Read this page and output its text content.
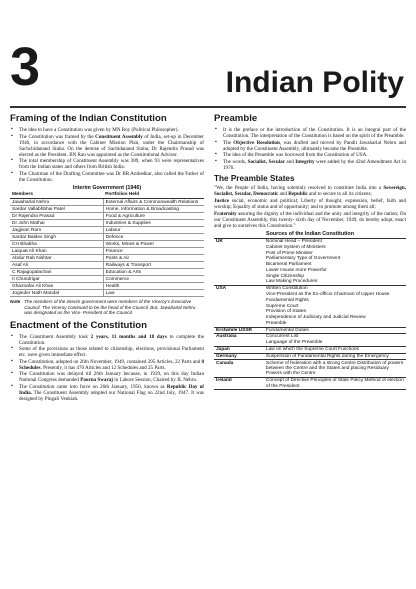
3	Indian Polity
Framing of the Indian Constitution
▪ The idea to have a Constitution was given by MN Roy (Political Philosopher).
▪ The Constitution was framed by the Constituent Assembly of India, set-up in December 1946, in accordance with the Cabinet Mission Plan, under the Chairmanship of Sachchidanand Sinha. On the demise of Sachidanand Sinha, Dr Rajendra Prasad was elected as the President. BN Rau was appointed as the Constitutional Advisor.
▪ The total membership of Constituent Assembly was 389, when 93 were representatives from the Indian states and others from British India.
▪ The Chairman of the Drafting Committee was Dr BR Ambedkar, also called the Father of the Constitution.
Interim Government (1946)
Members	Portfolios Held
Jawaharlal Nehru	External Affairs & Commonwealth Relations
Sardar Vallabhbhai Patel	Home, Information & Broadcasting
Dr Rajendra Prasad	Food & Agriculture
Dr John Mathai	Industries & Supplies
Jagjivan Ram	Labour
Sardar Baldev Singh	Defence
CH Bhabha	Works, Mines & Power
Laiquat Ali Khan	Finance
Abdur Rab Nishtar	Posts & Air
Asaf Ali	Railways & Transport
C Rajagopalachari	Education & Arts
II Chundrigar	Commerce
Ghaznafar Ali Khan	Health
Joginder Nath Mandal	Law
Note The members of the interim government were members of the Viceroy's Executive Council. The Viceroy continued to be the head of the Council. But, Jawaharlal Nehru was designated as the Vice- President of the Council.
Enactment of the Constitution
▪ The Constituent Assembly took 2 years, 11 months and 18 days to complete the Constitution.
▪ Some of the provisions as those related to citizenship, elections, provisional Parliament etc. were given immediate effect.
▪ The Constitution, adopted on 26th November, 1949, contained 395 Articles, 22 Parts and 8 Schedules. Presently, it has 470 Articles and 12 Schedules and 25 Parts.
▪ The Constitution was delayed till 26th January because, in 1929, on this day Indian National Congress demanded Poorna Swaraj in Lahore Session, Chaired by JL Nehru.
▪ The Constitution came into force on 26th January, 1950, known as Republic Day of India. The Constituent Assembly adopted our National Flag on 22nd July, 1947. It was designed by Pingali Venkiah.
Preamble
▪ It is the preface or the introduction of the Constitution. It is an integral part of the Constitution. The interpretation of the Constitution is based on the spirit of the Preamble.
▪ The Objective Resolution, was drafted and moved by Pandit Jawaharlal Nehru and adopted by the Constituent Assembly, ultimately became the Preamble.
▪ The idea of the Preamble was borrowed from the Constitution of USA.
▪ The words, Socialist, Secular and Integrity were added by the 42nd Amendment Act in 1976.
The Preamble States

"We, the People of India, having solemnly resolved to constitute India into a Sovereign, Socialist, Secular, Democratic and Republic and to secure to all its citizens;

Justice social, economic and political; Liberty of thought, expression, belief, faith and worship; Equality of status and of opportunity; and to promote among them all;

Fraternity assuring the dignity of the individual and the unity and integrity of the nation; On our Constituent Assembly, this twenty- sixth day of November, 1949, do hereby adopt, enact and give to ourselves this Constitution."

Sources of the Indian Constitution
UK	Nominal Head – President
	Cabinet System of Ministers
	Post of Prime Minister
	Parliamentary Type of Government
	Bicameral Parliament
	Lower House more Powerful
	Single Citizenship
	Law Making Procedures
USA	Written Constitution
	Vice-President as the Ex-officio Chairman of Upper House
	Fundamental Rights
	Supreme Court
	Provision of States
	Independence of Judiciary and Judicial Review
	Preamble
Erstwhile USSR	Fundamental Duties
Australia	Concurrent List
	Language of the Preamble
Japan	Law on which the Supreme Court Functions
Germany	Suspension of Fundamental Rights during the Emergency
Canada	Scheme of federation with a strong Centre Distribution of powers between the Centre and the States and placing Residuary Powers with the Centre
Ireland	Concept of Directive Principles of State Policy Method of election of the President
